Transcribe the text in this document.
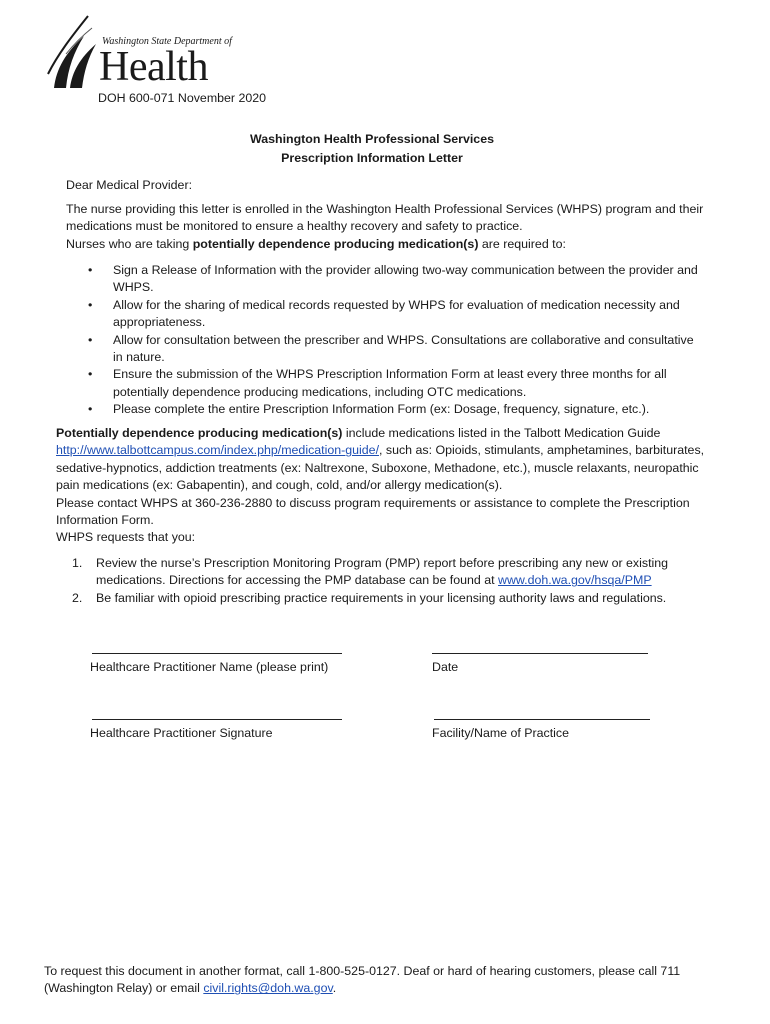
Washington State Department of
Health
DOH 600-071 November 2020
Washington Health Professional Services
Prescription Information Letter
Dear Medical Provider:

The nurse providing this letter is enrolled in the Washington Health Professional Services (WHPS) program and their medications must be monitored to ensure a healthy recovery and safety to practice.

Nurses who are taking potentially dependence producing medication(s) are required to:

• Sign a Release of Information with the provider allowing two-way communication between the provider and WHPS.
• Allow for the sharing of medical records requested by WHPS for evaluation of medication necessity and appropriateness.
• Allow for consultation between the prescriber and WHPS. Consultations are collaborative and consultative in nature.
• Ensure the submission of the WHPS Prescription Information Form at least every three months for all potentially dependence producing medications, including OTC medications.
• Please complete the entire Prescription Information Form (ex: Dosage, frequency, signature, etc.).

Potentially dependence producing medication(s) include medications listed in the Talbott Medication Guide http://www.talbottcampus.com/index.php/medication-guide/, such as: Opioids, stimulants, amphetamines, barbiturates, sedative-hypnotics, addiction treatments (ex: Naltrexone, Suboxone, Methadone, etc.), muscle relaxants, neuropathic pain medications (ex: Gabapentin), and cough, cold, and/or allergy medication(s).

Please contact WHPS at 360-236-2880 to discuss program requirements or assistance to complete the Prescription Information Form.

WHPS requests that you:

1. Review the nurse’s Prescription Monitoring Program (PMP) report before prescribing any new or existing medications. Directions for accessing the PMP database can be found at www.doh.wa.gov/hsqa/PMP
2. Be familiar with opioid prescribing practice requirements in your licensing authority laws and regulations.
Healthcare Practitioner Name (please print)	Date
Healthcare Practitioner Signature	Facility/Name of Practice

To request this document in another format, call 1-800-525-0127. Deaf or hard of hearing customers, please call 711 (Washington Relay) or email civil.rights@doh.wa.gov.
